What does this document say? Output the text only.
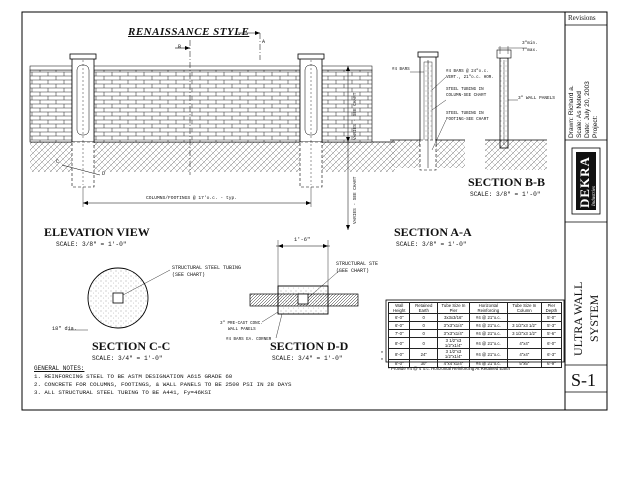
Revisions
Drawn: Richard a. Scale: As Noted Date: July 20, 2003 Project:
DEKRA Industries
ULTRA WALL SYSTEM
S-1
RENAISSANCE STYLE
B
A
C
D
COLUMNS/FOOTINGS @ 17'o.c. - typ.
VARIES - SEE CHART
VARIES - SEE CHART
ELEVATION VIEW
SCALE: 3/8" = 1'-0"
#4 BARS	#4 BARS @ 24"o.c.
VERT., 21"o.c. HOR.
STEEL TUBING IN
COLUMN-SEE CHART
STEEL TUBING IN
FOOTING-SEE CHART
SECTION A-A
SCALE: 3/8" = 1'-0"
3"min.
7"max.
3" WALL PANELS
SECTION B-B
SCALE: 3/8" = 1'-0"
STRUCTURAL STEEL TUBING
(SEE CHART)
18" dia.
SECTION C-C
SCALE: 3/4" = 1'-0"
1'-6"
STRUCTURAL STE
(SEE CHART)
3" PRE-CAST CONC.
WALL PANELS
#4 BARS EA. CORNER
SECTION D-D
SCALE: 3/4" = 1'-0"
GENERAL NOTES:
1. REINFORCING STEEL TO BE ASTM DESIGNATION A615 GRADE 60
2. CONCRETE FOR COLUMNS, FOOTINGS, & WALL PANELS TO BE 2500 PSI IN 28 DAYS
3. ALL STRUCTURAL STEEL TUBING TO BE A441, Fy=46KSI
Wall Height	Retained Earth	Tube Size In Pier	Horizontal Reinforcing	Tube Size In Column	Pier Depth
6'-0"	0	3x3x3/16"	#4 @ 21"o.c.		5'-0"
6'-0"	0	3"x3"x1/4"	#4 @ 21"o.c.	3 1/2"x3 1/2"	5'-3"
7'-0"	0	3"x3"x1/4"	#4 @ 21"o.c.	3 1/2"x3 1/2"	5'-6"
8'-0"	0	3 1/2"x3 1/2"x1/4"	#4 @ 21"o.c.	4"x4"	6'-0"
8'-0"	24"	3 1/2"x3 1/2"x1/4"	#4 @ 21"o.c.	4"x4"	6'-3"
8'-0"	30"	4"x4"x1/4"	#4 @ 21"o.c.	5"x5"	6'-9"
*
*
* Provide #4 @ 4"o.c. Horizontal Reinforcing At Retained Earth
